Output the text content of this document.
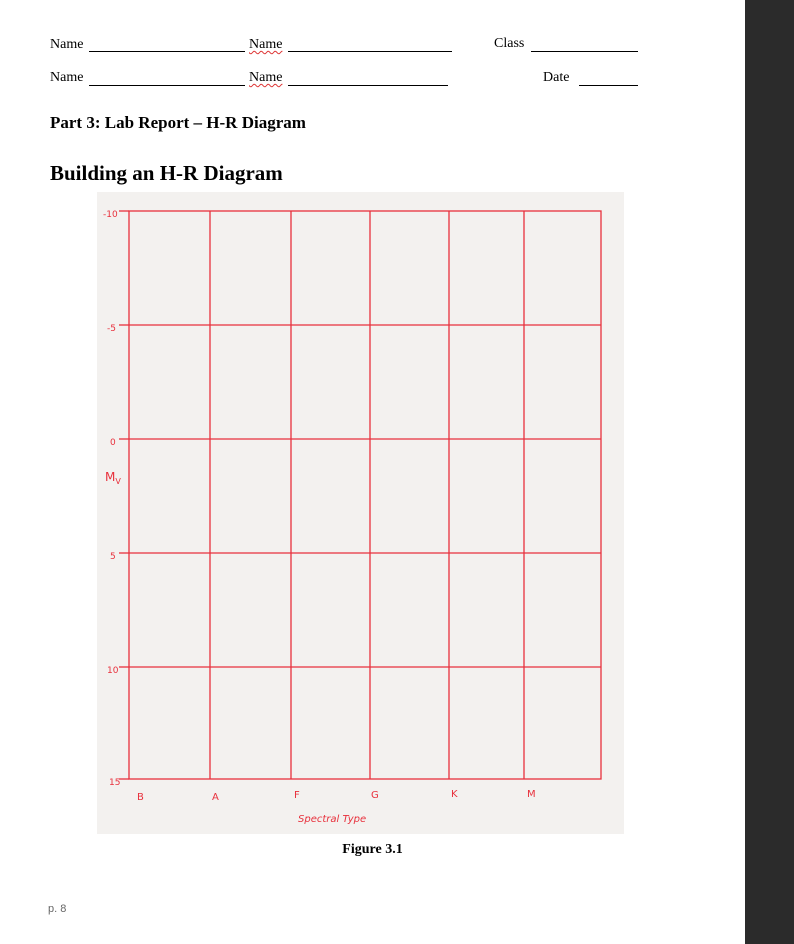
Name	Name	Class
Name	Name	Date
Part 3: Lab Report – H-R Diagram
Building an H-R Diagram
-10
-5
0
5
10
15
$M_V$
B	A	F	G	K	M
Spectral Type
Figure 3.1
p. 8
